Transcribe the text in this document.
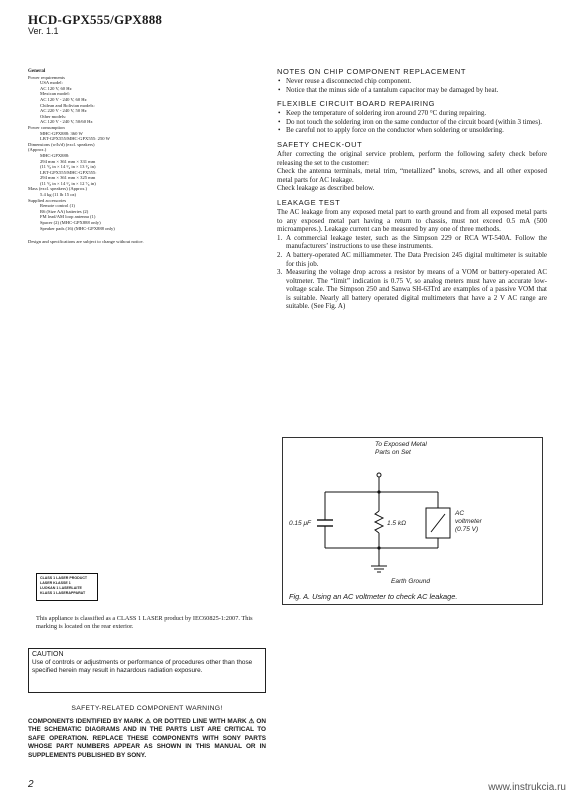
HCD-GPX555/GPX888
Ver. 1.1
General
Power requirements
USA model:
AC 120 V, 60 Hz
Mexican model:
AC 120 V - 240 V, 60 Hz
Chilean and Bolivian models:
AC 220 V - 240 V, 50 Hz
Other models:
AC 120 V - 240 V, 50/60 Hz
Power consumption
MHC-GPX888: 360 W
LBT-GPX555/MHC-GPX555: 250 W
Dimensions (w/h/d) (excl. speakers)
(Approx.)
MHC-GPX888:
294 mm × 361 mm × 331 mm
(11 ⁵⁄₈ in × 14 ¹⁄₄ in × 13 ¹⁄₈ in)
LBT-GPX555/MHC-GPX555:
294 mm × 361 mm × 325 mm
(11 ⁵⁄₈ in × 14 ¹⁄₄ in × 12 ⁷⁄₈ in)
Mass (excl. speakers) (Approx.)
5.4 kg (11 lb 15 oz)
Supplied accessories
Remote control (1)
R6 (Size AA) batteries (2)
FM lead/AM loop antenna (1)
Spacer (2) (MHC-GPX888 only)
Speaker pads (16) (MHC-GPX888 only)
Design and specifications are subject to change without notice.
CLASS 1 LASER PRODUCT
LASER KLASSE 1
LUOKAN 1 LASERLAITE
KLASS 1 LASERAPPARAT
This appliance is classified as a CLASS 1 LASER product by IEC60825-1:2007. This marking is located on the rear exterior.
CAUTION
Use of controls or adjustments or performance of procedures other than those specified herein may result in hazardous radiation exposure.
SAFETY-RELATED COMPONENT WARNING!
COMPONENTS IDENTIFIED BY MARK ⚠ OR DOTTED LINE WITH MARK ⚠ ON THE SCHEMATIC DIAGRAMS AND IN THE PARTS LIST ARE CRITICAL TO SAFE OPERATION. REPLACE THESE COMPONENTS WITH SONY PARTS WHOSE PART NUMBERS APPEAR AS SHOWN IN THIS MANUAL OR IN SUPPLEMENTS PUBLISHED BY SONY.
2	www.instrukcia.ru
NOTES ON CHIP COMPONENT REPLACEMENT
• Never reuse a disconnected chip component.
• Notice that the minus side of a tantalum capacitor may be damaged by heat.
FLEXIBLE CIRCUIT BOARD REPAIRING
• Keep the temperature of soldering iron around 270 °C during repairing.
• Do not touch the soldering iron on the same conductor of the circuit board (within 3 times).
• Be careful not to apply force on the conductor when soldering or unsoldering.
SAFETY CHECK-OUT
After correcting the original service problem, perform the following safety check before releasing the set to the customer:
Check the antenna terminals, metal trim, “metallized” knobs, screws, and all other exposed metal parts for AC leakage.
Check leakage as described below.
LEAKAGE TEST
The AC leakage from any exposed metal part to earth ground and from all exposed metal parts to any exposed metal part having a return to chassis, must not exceed 0.5 mA (500 microamperes.). Leakage current can be measured by any one of three methods.
1. A commercial leakage tester, such as the Simpson 229 or RCA WT-540A. Follow the manufacturers’ instructions to use these instruments.
2. A battery-operated AC milliammeter. The Data Precision 245 digital multimeter is suitable for this job.
3. Measuring the voltage drop across a resistor by means of a VOM or battery-operated AC voltmeter. The “limit” indication is 0.75 V, so analog meters must have an accurate low-voltage scale. The Simpson 250 and Sanwa SH-63Trd are examples of a passive VOM that is suitable. Nearly all battery operated digital multimeters that have a 2 V AC range are suitable. (See Fig. A)
To Exposed Metal
Parts on Set
0.15 μF	1.5 kΩ
AC
voltmeter
(0.75 V)
Earth Ground
Fig. A. Using an AC voltmeter to check AC leakage.
